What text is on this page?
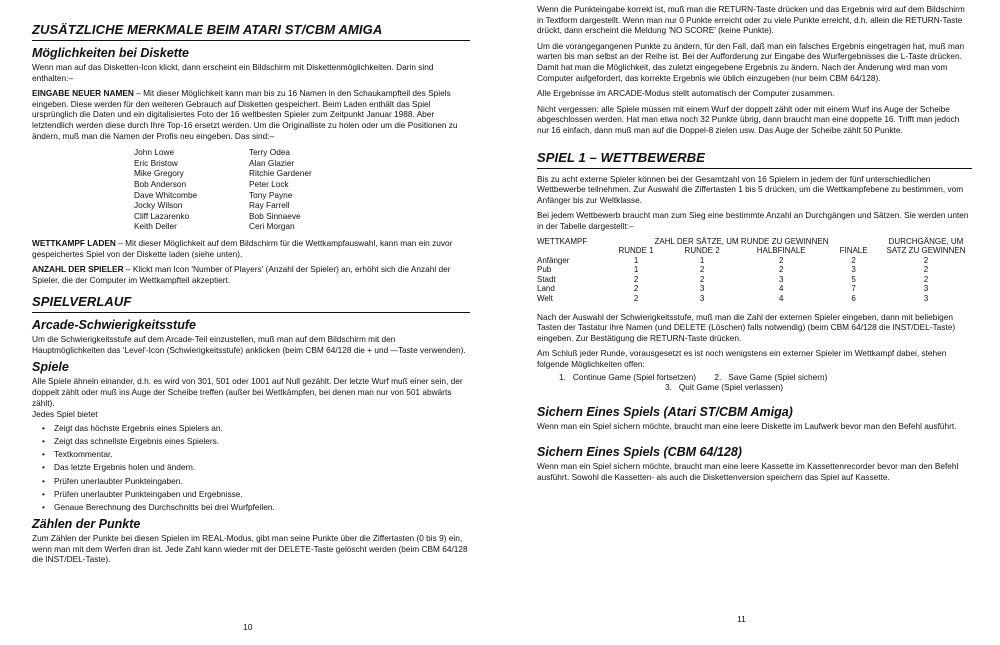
ZUSÄTZLICHE MERKMALE BEIM ATARI ST/CBM AMIGA
Möglichkeiten bei Diskette

Wenn man auf das Disketten-Icon klickt, dann erscheint ein Bildschirm mit Diskettenmöglichkeiten. Darin sind enthalten:–

EINGABE NEUER NAMEN – Mit dieser Möglichkeit kann man bis zu 16 Namen in den Schaukampfteil des Spiels eingeben. Diese werden für den weiteren Gebrauch auf Disketten gespeichert. Beim Laden enthält das Spiel ursprünglich die Daten und ein digitalisiertes Foto der 16 weltbesten Spieler zum Zeitpunkt Januar 1988. Aber letztendlich werden diese durch Ihre Top-16 ersetzt werden. Um die Originalliste zu holen oder um die Positionen zu ändern, muß man die Namen der Profis neu eingeben. Das sind:–

John Lowe	Terry Odea
Eric Bristow	Alan Glazier
Mike Gregory	Ritchie Gardener
Bob Anderson	Peter Lock
Dave Whitcombe	Tony Payne
Jocky Wilson	Ray Farrell
Cliff Lazarenko	Bob Sinnaeve
Keith Deller	Ceri Morgan

WETTKAMPF LADEN – Mit dieser Möglichkeit auf dem Bildschirm für die Wettkampfauswahl, kann man ein zuvor gespeichertes Spiel von der Diskette laden (siehe unten).

ANZAHL DER SPIELER – Klickt man Icon 'Number of Players' (Anzahl der Spieler) an, erhöht sich die Anzahl der Spieler, die der Computer im Wettkampfteil akzeptiert.

SPIELVERLAUF
Arcade-Schwierigkeitsstufe

Um die Schwierigkeitsstufe auf dem Arcade-Teil einzustellen, muß man auf dem Bildschirm mit den Hauptmöglichkeiten das 'Level'-Icon (Schwierigkeitsstufe) anklicken (beim CBM 64/128 die + und –-Taste verwenden).

Spiele

Alle Spiele ähneln einander, d.h. es wird von 301, 501 oder 1001 auf Null gezählt. Der letzte Wurf muß einer sein, der doppelt zählt oder muß ins Auge der Scheibe treffen (außer bei Wettkämpfen, bei denen man nur von 501 abwärts zählt).

Jedes Spiel bietet
• Zeigt das höchste Ergebnis eines Spielers an.
• Zeigt das schnellste Ergebnis eines Spielers.
• Textkommentar.
• Das letzte Ergebnis holen und ändern.
• Prüfen unerlaubter Punkteingaben.
• Prüfen unerlaubter Punkteingaben und Ergebnisse.
• Genaue Berechnung des Durchschnitts bei drei Wurfpfeilen.
Zählen der Punkte

Zum Zählen der Punkte bei diesen Spielen im REAL-Modus, gibt man seine Punkte über die Ziffertasten (0 bis 9) ein, wenn man mit dem Werfen dran ist. Jede Zahl kann wieder mit der DELETE-Taste gelöscht werden (beim CBM 64/128 die INST/DEL-Taste).

10

Wenn die Punkteingabe korrekt ist, muß man die RETURN-Taste drücken und das Ergebnis wird auf dem Bildschirm in Textform dargestellt. Wenn man nur 0 Punkte erreicht oder zu viele Punkte erreicht, d.h. allein die RETURN-Taste drückt, dann erscheint die Meldung 'NO SCORE' (keine Punkte).

Um die vorangegangenen Punkte zu ändern, für den Fall, daß man ein falsches Ergebnis eingetragen hat, muß man warten bis man selbst an der Reihe ist. Bei der Aufforderung zur Eingabe des Wurfergebnisses die L-Taste drücken. Damit hat man die Möglichkeit, das zuletzt eingegebene Ergebnis zu ändern. Nach der Änderung wird man vom Computer aufgefordert, das korrekte Ergebnis wie üblich einzugeben (nur beim CBM 64/128).

Alle Ergebnisse im ARCADE-Modus stellt automatisch der Computer zusammen.

Nicht vergessen: alle Spiele müssen mit einem Wurf der doppelt zählt oder mit einem Wurf ins Auge der Scheibe abgeschlossen werden. Hat man etwa noch 32 Punkte übrig, dann braucht man eine doppelte 16. Trifft man jedoch nur 16 einfach, dann muß man auf die Doppel-8 zielen usw. Das Auge der Scheibe zählt 50 Punkte.

SPIEL 1 – WETTBEWERBE

Bis zu acht externe Spieler können bei der Gesamtzahl von 16 Spielern in jedem der fünf unterschiedlichen Wettbewerbe teilnehmen. Zur Auswahl die Ziffertasten 1 bis 5 drücken, um die Wettkampfebene zu bestimmen, vom Anfänger bis zur Weltklasse.

Bei jedem Wettbewerb braucht man zum Sieg eine bestimmte Anzahl an Durchgängen und Sätzen. Sie werden unten in der Tabelle dargestellt:–

WETTKAMPF	ZAHL DER SÄTZE, UM RUNDE ZU GEWINNEN				DURCHGÄNGE, UM SATZ ZU GEWINNEN
	RUNDE 1	RUNDE 2	HALBFINALE	FINALE	
Anfänger	1	1	2	2	2
Pub	1	2	2	3	2
Stadt	2	2	3	5	2
Land	2	3	4	7	3
Welt	2	3	4	6	3

Nach der Auswahl der Schwierigkeitsstufe, muß man die Zahl der externen Spieler eingeben, dann mit beliebigen Tasten der Tastatur ihre Namen (und DELETE (Löschen) falls notwendig) (beim CBM 64/128 die INST/DEL-Taste) eingeben. Zur Bestätigung die RETURN-Taste drücken.

Am Schluß jeder Runde, vorausgesetzt es ist noch wenigstens ein externer Spieler im Wettkampf dabei, stehen folgende Möglichkeiten offen:

1.   Continue Game (Spiel fortsetzen)        2.   Save Game (Spiel sichern)
3.   Quit Game (Spiel verlassen)
Sichern Eines Spiels (Atari ST/CBM Amiga)

Wenn man ein Spiel sichern möchte, braucht man eine leere Diskette im Laufwerk bevor man den Befehl ausführt.

Sichern Eines Spiels (CBM 64/128)

Wenn man ein Spiel sichern möchte, braucht man eine leere Kassette im Kassettenrecorder bevor man den Befehl ausführt. Sowohl die Kassetten- als auch die Diskettenversion speichern das Spiel auf Kassette.

11
